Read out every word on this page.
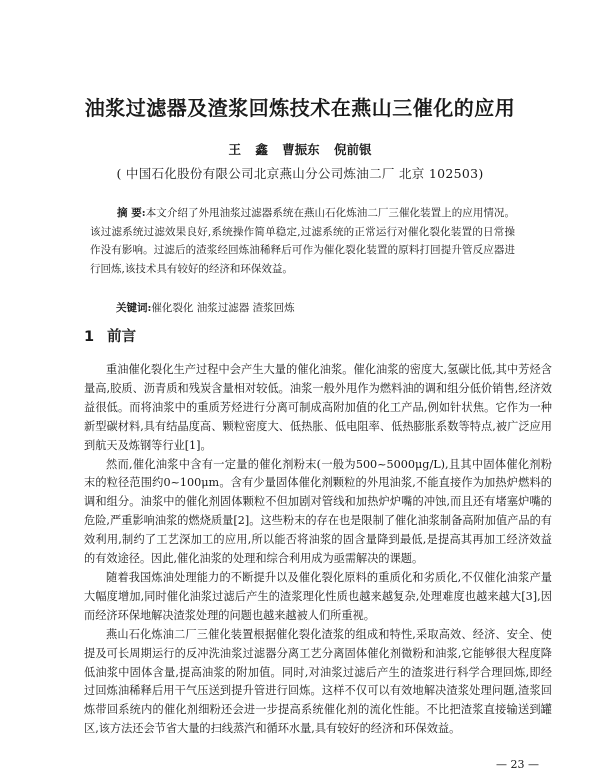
油浆过滤器及渣浆回炼技术在燕山三催化的应用
王 鑫 曹振东 倪前银
( 中国石化股份有限公司北京燕山分公司炼油二厂 北京 102503)
摘 要:本文介绍了外甩油浆过滤器系统在燕山石化炼油二厂三催化装置上的应用情况。该过滤系统过滤效果良好,系统操作简单稳定,过滤系统的正常运行对催化裂化装置的日常操作没有影响。过滤后的渣浆经回炼油稀释后可作为催化裂化装置的原料打回提升管反应器进行回炼,该技术具有较好的经济和环保效益。
关键词:催化裂化 油浆过滤器 渣浆回炼
1 前言

重油催化裂化生产过程中会产生大量的催化油浆。催化油浆的密度大,氢碳比低,其中芳烃含量高,胶质、沥青质和残炭含量相对较低。油浆一般外甩作为燃料油的调和组分低价销售,经济效益很低。而将油浆中的重质芳烃进行分离可制成高附加值的化工产品,例如针状焦。它作为一种新型碳材料,具有结晶度高、颗粒密度大、低热胀、低电阻率、低热膨胀系数等特点,被广泛应用到航天及炼钢等行业[1]。

然而,催化油浆中含有一定量的催化剂粉末(一般为500~5000μg/L),且其中固体催化剂粉末的粒径范围约0~100μm。含有少量固体催化剂颗粒的外甩油浆,不能直接作为加热炉燃料的调和组分。油浆中的催化剂固体颗粒不但加剧对管线和加热炉炉嘴的冲蚀,而且还有堵塞炉嘴的危险,严重影响油浆的燃烧质量[2]。这些粉末的存在也是限制了催化油浆制备高附加值产品的有效利用,制约了工艺深加工的应用,所以能否将油浆的固含量降到最低,是提高其再加工经济效益的有效途径。因此,催化油浆的处理和综合利用成为亟需解决的课题。

随着我国炼油处理能力的不断提升以及催化裂化原料的重质化和劣质化,不仅催化油浆产量大幅度增加,同时催化油浆过滤后产生的渣浆理化性质也越来越复杂,处理难度也越来越大[3],因而经济环保地解决渣浆处理的问题也越来越被人们所重视。

燕山石化炼油二厂三催化装置根据催化裂化渣浆的组成和特性,采取高效、经济、安全、使提及可长周期运行的反冲洗油浆过滤器分离工艺分离固体催化剂微粉和油浆,它能够很大程度降低油浆中固体含量,提高油浆的附加值。同时,对油浆过滤后产生的渣浆进行科学合理回炼,即经过回炼油稀释后用干气压送到提升管进行回炼。这样不仅可以有效地解决渣浆处理问题,渣浆回炼带回系统内的催化剂细粉还会进一步提高系统催化剂的流化性能。不比把渣浆直接输送到罐区,该方法还会节省大量的扫线蒸汽和循环水量,具有较好的经济和环保效益。

— 23 —
